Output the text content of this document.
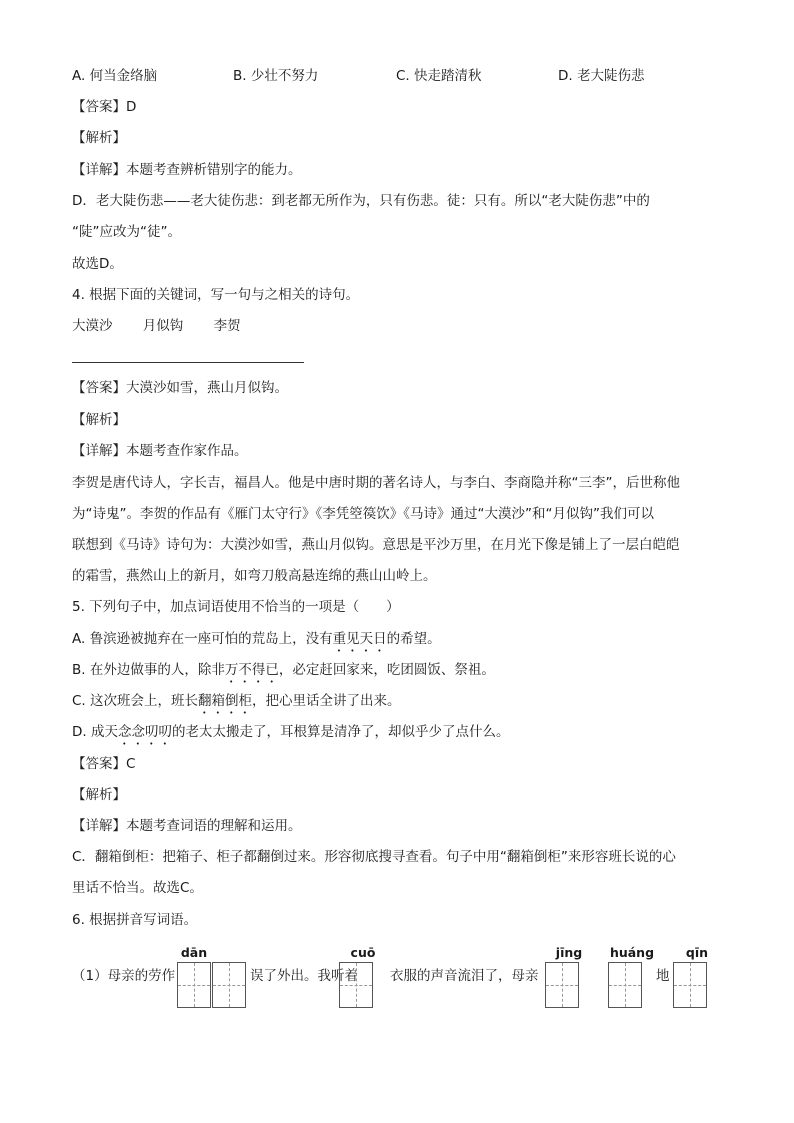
A. 何当金络脑	B. 少壮不努力	C. 快走踏清秋	D. 老大陡伤悲
【答案】D
【解析】
【详解】本题考查辨析错别字的能力。
D．老大陡伤悲——老大徒伤悲：到老都无所作为，只有伤悲。徒：只有。所以“老大陡伤悲”中的
“陡”应改为“徒”。
故选D。
4. 根据下面的关键词，写一句与之相关的诗句。
大漠沙 月似钩 李贺
【答案】大漠沙如雪，燕山月似钩。
【解析】
【详解】本题考查作家作品。
李贺是唐代诗人，字长吉，福昌人。他是中唐时期的著名诗人，与李白、李商隐并称“三李”，后世称他
为“诗鬼”。李贺的作品有《雁门太守行》《李凭箜篌饮》《马诗》通过“大漠沙”和“月似钩”我们可以
联想到《马诗》诗句为：大漠沙如雪，燕山月似钩。意思是平沙万里，在月光下像是铺上了一层白皑皑
的霜雪，燕然山上的新月，如弯刀般高悬连绵的燕山山岭上。
5. 下列句子中，加点词语使用不恰当的一项是（　　）
A. 鲁滨逊被抛弃在一座可怕的荒岛上，没有重见天日的希望。
B. 在外边做事的人，除非万不得已，必定赶回家来，吃团圆饭、祭祖。
C. 这次班会上，班长翻箱倒柜，把心里话全讲了出来。
D. 成天念念叨叨的老太太搬走了，耳根算是清净了，却似乎少了点什么。
【答案】C
【解析】
【详解】本题考查词语的理解和运用。
C．翻箱倒柜：把箱子、柜子都翻倒过来。形容彻底搜寻查看。句子中用“翻箱倒柜”来形容班长说的心
里话不恰当。故选C。
6. 根据拼音写词语。
dān	cuō	jīng	huáng	qīn
（1）母亲的劳作	误了外出。我听着 衣服的声音流泪了，母亲	地
